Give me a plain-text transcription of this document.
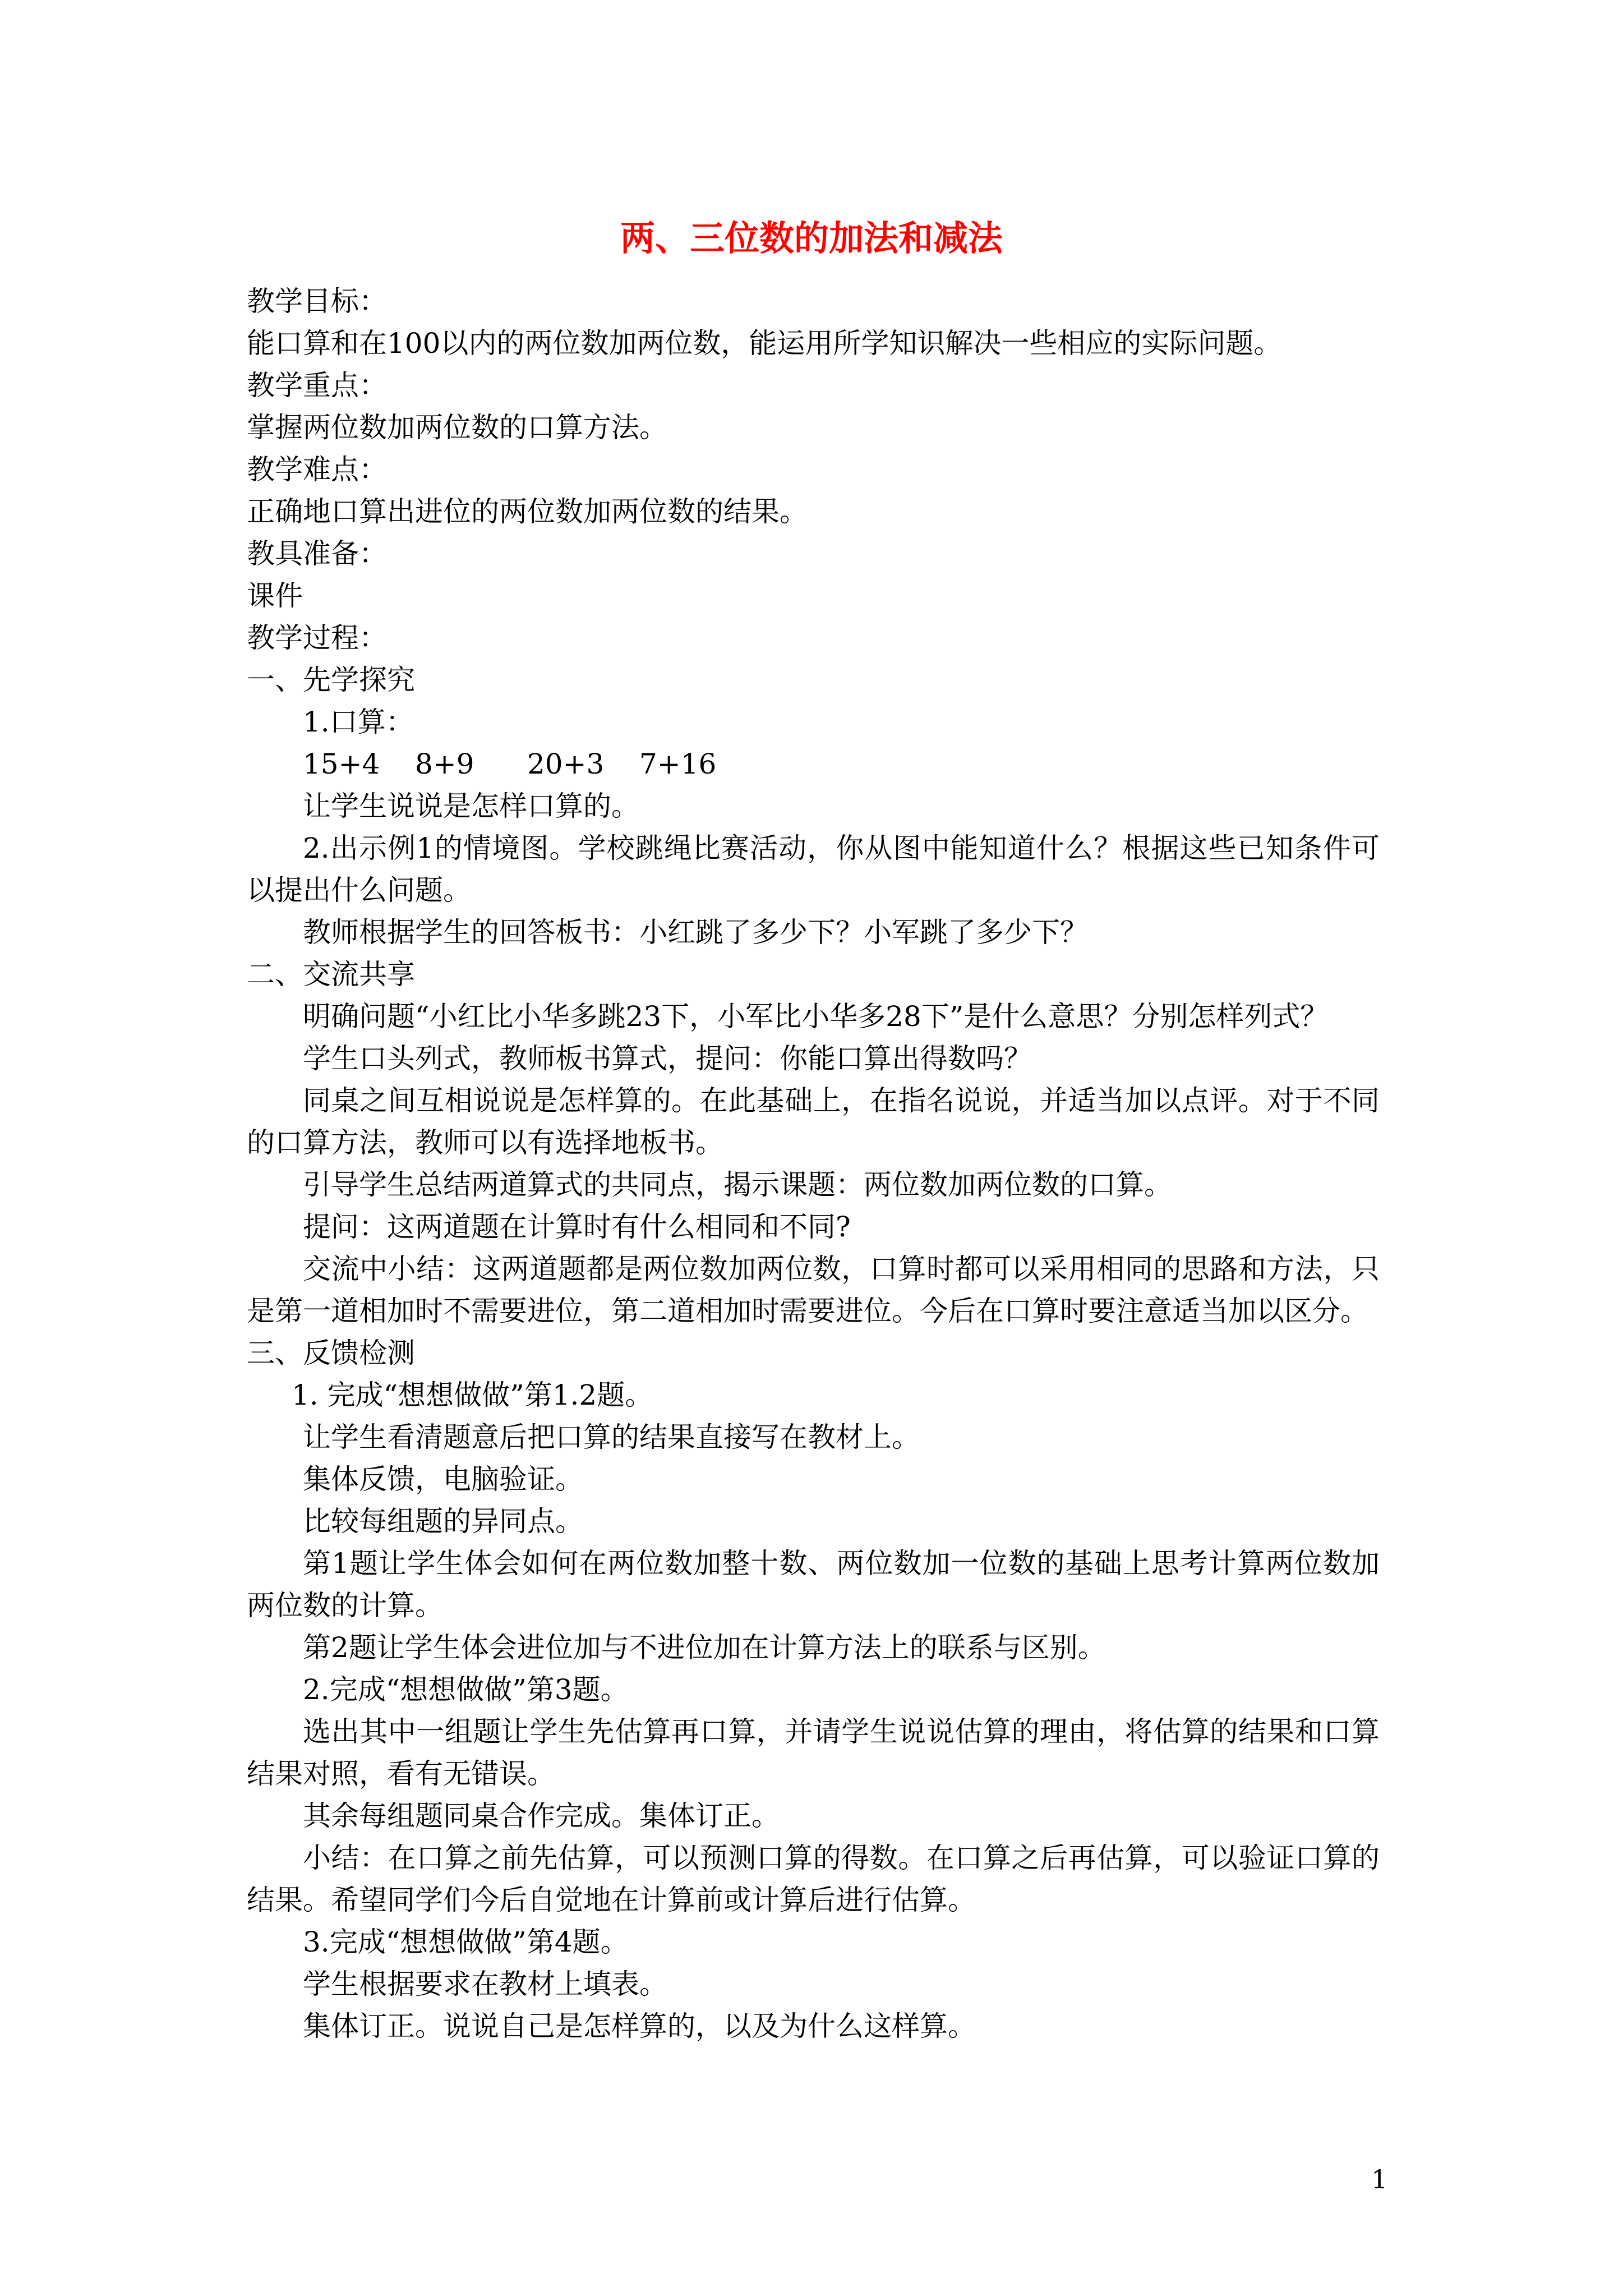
两、三位数的加法和减法

教学目标：

能口算和在100以内的两位数加两位数，能运用所学知识解决一些相应的实际问题。

教学重点：

掌握两位数加两位数的口算方法。

教学难点：

正确地口算出进位的两位数加两位数的结果。

教具准备：

课件

教学过程：

一、先学探究

1.口算：

15+4 8+9 20+3 7+16

让学生说说是怎样口算的。

2.出示例1的情境图。学校跳绳比赛活动，你从图中能知道什么？根据这些已知条件可以提出什么问题。

教师根据学生的回答板书：小红跳了多少下？小军跳了多少下？

二、交流共享

明确问题“小红比小华多跳23下，小军比小华多28下”是什么意思？分别怎样列式？

学生口头列式，教师板书算式，提问：你能口算出得数吗？

同桌之间互相说说是怎样算的。在此基础上，在指名说说，并适当加以点评。对于不同的口算方法，教师可以有选择地板书。

引导学生总结两道算式的共同点，揭示课题：两位数加两位数的口算。

提问：这两道题在计算时有什么相同和不同?

交流中小结：这两道题都是两位数加两位数，口算时都可以采用相同的思路和方法，只是第一道相加时不需要进位，第二道相加时需要进位。今后在口算时要注意适当加以区分。

三、反馈检测

1. 完成“想想做做”第1.2题。

让学生看清题意后把口算的结果直接写在教材上。

集体反馈，电脑验证。

比较每组题的异同点。

第1题让学生体会如何在两位数加整十数、两位数加一位数的基础上思考计算两位数加两位数的计算。

第2题让学生体会进位加与不进位加在计算方法上的联系与区别。

2.完成“想想做做”第3题。

选出其中一组题让学生先估算再口算，并请学生说说估算的理由，将估算的结果和口算结果对照，看有无错误。

其余每组题同桌合作完成。集体订正。

小结：在口算之前先估算，可以预测口算的得数。在口算之后再估算，可以验证口算的结果。希望同学们今后自觉地在计算前或计算后进行估算。

3.完成“想想做做”第4题。

学生根据要求在教材上填表。

集体订正。说说自己是怎样算的，以及为什么这样算。

1
